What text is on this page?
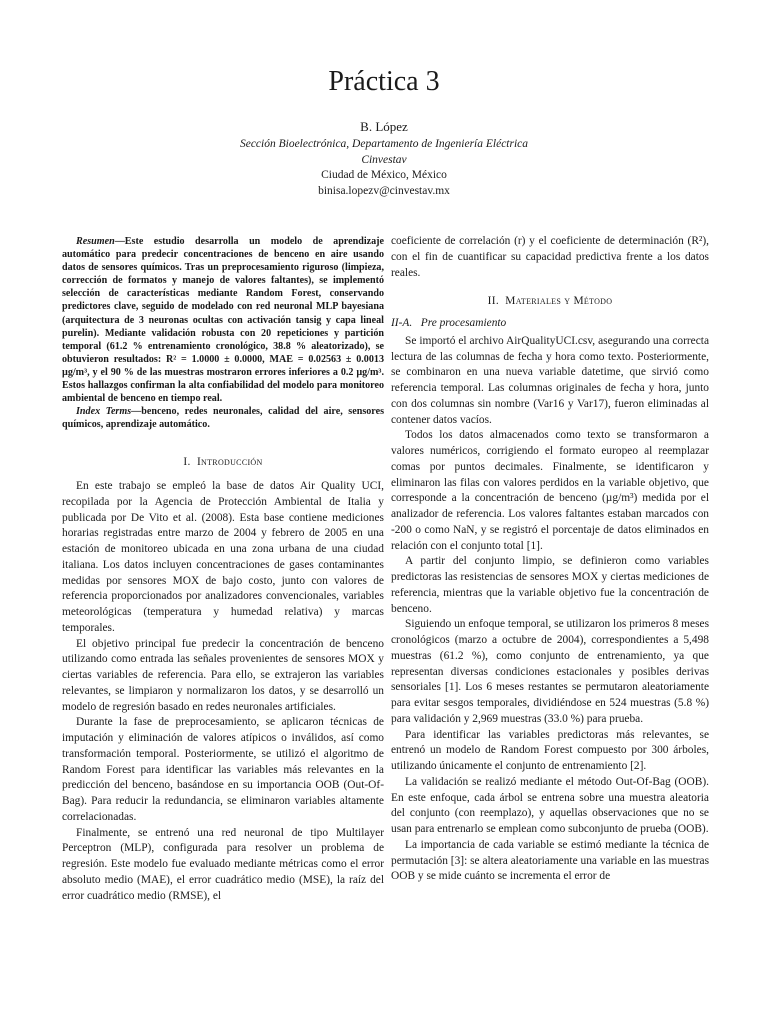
Práctica 3
B. López
Sección Bioelectrónica, Departamento de Ingeniería Eléctrica
Cinvestav
Ciudad de México, México
binisa.lopezv@cinvestav.mx

Resumen—Este estudio desarrolla un modelo de aprendizaje automático para predecir concentraciones de benceno en aire usando datos de sensores químicos. Tras un preprocesamiento riguroso (limpieza, corrección de formatos y manejo de valores faltantes), se implementó selección de características mediante Random Forest, conservando predictores clave, seguido de modelado con red neuronal MLP bayesiana (arquitectura de 3 neuronas ocultas con activación tansig y capa lineal purelin). Mediante validación robusta con 20 repeticiones y partición temporal (61.2 % entrenamiento cronológico, 38.8 % aleatorizado), se obtuvieron resultados: R² = 1.0000 ± 0.0000, MAE = 0.02563 ± 0.0013 µg/m³, y el 90 % de las muestras mostraron errores inferiores a 0.2 µg/m³. Estos hallazgos confirman la alta confiabilidad del modelo para monitoreo ambiental de benceno en tiempo real.

Index Terms—benceno, redes neuronales, calidad del aire, sensores químicos, aprendizaje automático.

I. Introducción

En este trabajo se empleó la base de datos Air Quality UCI, recopilada por la Agencia de Protección Ambiental de Italia y publicada por De Vito et al. (2008). Esta base contiene mediciones horarias registradas entre marzo de 2004 y febrero de 2005 en una estación de monitoreo ubicada en una zona urbana de una ciudad italiana. Los datos incluyen concentraciones de gases contaminantes medidas por sensores MOX de bajo costo, junto con valores de referencia proporcionados por analizadores convencionales, variables meteorológicas (temperatura y humedad relativa) y marcas temporales.

El objetivo principal fue predecir la concentración de benceno utilizando como entrada las señales provenientes de sensores MOX y ciertas variables de referencia. Para ello, se extrajeron las variables relevantes, se limpiaron y normalizaron los datos, y se desarrolló un modelo de regresión basado en redes neuronales artificiales.

Durante la fase de preprocesamiento, se aplicaron técnicas de imputación y eliminación de valores atípicos o inválidos, así como transformación temporal. Posteriormente, se utilizó el algoritmo de Random Forest para identificar las variables más relevantes en la predicción del benceno, basándose en su importancia OOB (Out-Of-Bag). Para reducir la redundancia, se eliminaron variables altamente correlacionadas.

Finalmente, se entrenó una red neuronal de tipo Multilayer Perceptron (MLP), configurada para resolver un problema de regresión. Este modelo fue evaluado mediante métricas como el error absoluto medio (MAE), el error cuadrático medio (MSE), la raíz del error cuadrático medio (RMSE), el

coeficiente de correlación (r) y el coeficiente de determinación (R²), con el fin de cuantificar su capacidad predictiva frente a los datos reales.

II. Materiales y Método
II-A. Pre procesamiento

Se importó el archivo AirQualityUCI.csv, asegurando una correcta lectura de las columnas de fecha y hora como texto. Posteriormente, se combinaron en una nueva variable datetime, que sirvió como referencia temporal. Las columnas originales de fecha y hora, junto con dos columnas sin nombre (Var16 y Var17), fueron eliminadas al contener datos vacíos.

Todos los datos almacenados como texto se transformaron a valores numéricos, corrigiendo el formato europeo al reemplazar comas por puntos decimales. Finalmente, se identificaron y eliminaron las filas con valores perdidos en la variable objetivo, que corresponde a la concentración de benceno (µg/m³) medida por el analizador de referencia. Los valores faltantes estaban marcados con -200 o como NaN, y se registró el porcentaje de datos eliminados en relación con el conjunto total [1].

A partir del conjunto limpio, se definieron como variables predictoras las resistencias de sensores MOX y ciertas mediciones de referencia, mientras que la variable objetivo fue la concentración de benceno.

Siguiendo un enfoque temporal, se utilizaron los primeros 8 meses cronológicos (marzo a octubre de 2004), correspondientes a 5,498 muestras (61.2 %), como conjunto de entrenamiento, ya que representan diversas condiciones estacionales y posibles derivas sensoriales [1]. Los 6 meses restantes se permutaron aleatoriamente para evitar sesgos temporales, dividiéndose en 524 muestras (5.8 %) para validación y 2,969 muestras (33.0 %) para prueba.

Para identificar las variables predictoras más relevantes, se entrenó un modelo de Random Forest compuesto por 300 árboles, utilizando únicamente el conjunto de entrenamiento [2].

La validación se realizó mediante el método Out-Of-Bag (OOB). En este enfoque, cada árbol se entrena sobre una muestra aleatoria del conjunto (con reemplazo), y aquellas observaciones que no se usan para entrenarlo se emplean como subconjunto de prueba (OOB).

La importancia de cada variable se estimó mediante la técnica de permutación [3]: se altera aleatoriamente una variable en las muestras OOB y se mide cuánto se incrementa el error de
